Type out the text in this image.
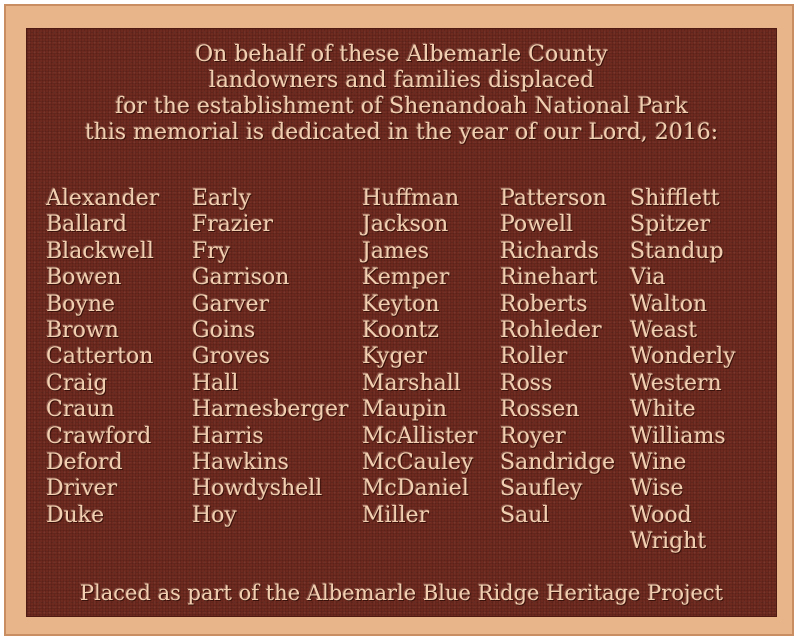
On behalf of these Albemarle County
landowners and families displaced
for the establishment of Shenandoah National Park
this memorial is dedicated in the year of our Lord, 2016:
Alexander
Ballard
Blackwell
Bowen
Boyne
Brown
Catterton
Craig
Craun
Crawford
Deford
Driver
Duke
Early
Frazier
Fry
Garrison
Garver
Goins
Groves
Hall
Harnesberger
Harris
Hawkins
Howdyshell
Hoy
Huffman
Jackson
James
Kemper
Keyton
Koontz
Kyger
Marshall
Maupin
McAllister
McCauley
McDaniel
Miller
Patterson
Powell
Richards
Rinehart
Roberts
Rohleder
Roller
Ross
Rossen
Royer
Sandridge
Saufley
Saul
Shifflett
Spitzer
Standup
Via
Walton
Weast
Wonderly
Western
White
Williams
Wine
Wise
Wood
Wright
Placed as part of the Albemarle Blue Ridge Heritage Project
